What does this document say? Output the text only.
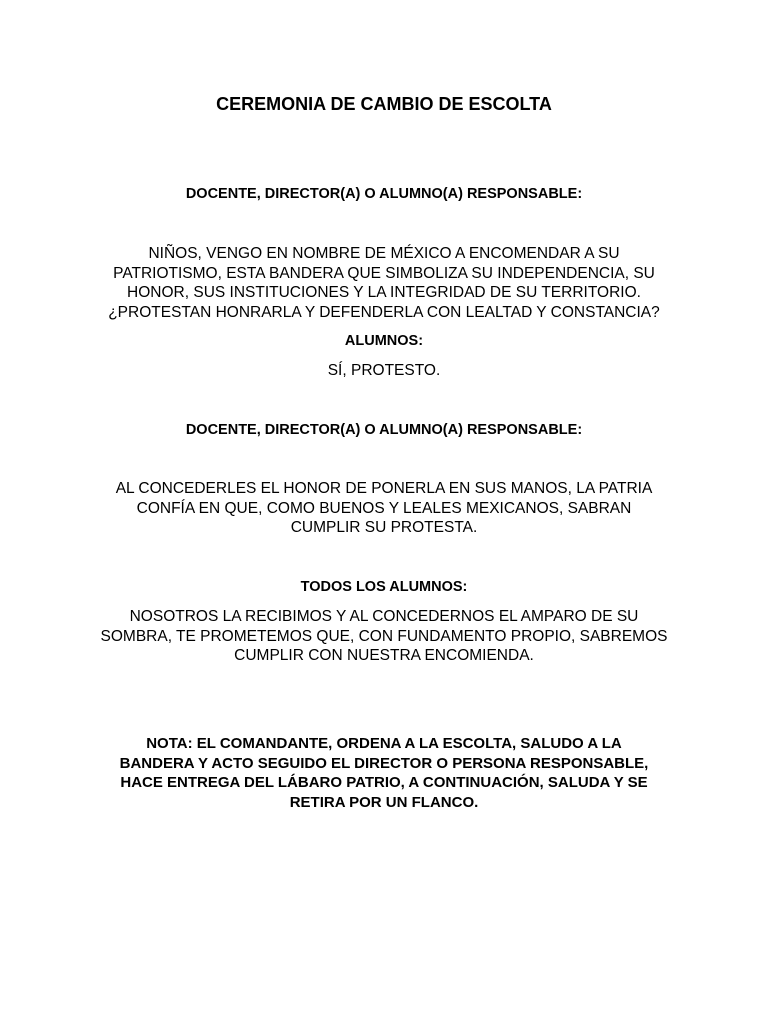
CEREMONIA DE CAMBIO DE ESCOLTA

DOCENTE, DIRECTOR(A) O ALUMNO(A) RESPONSABLE:

NIÑOS, VENGO EN NOMBRE DE MÉXICO A ENCOMENDAR A SU PATRIOTISMO, ESTA BANDERA QUE SIMBOLIZA SU INDEPENDENCIA, SU HONOR, SUS INSTITUCIONES Y LA INTEGRIDAD DE SU TERRITORIO. ¿PROTESTAN HONRARLA Y DEFENDERLA CON LEALTAD Y CONSTANCIA?

ALUMNOS:

SÍ, PROTESTO.

DOCENTE, DIRECTOR(A) O ALUMNO(A) RESPONSABLE:

AL CONCEDERLES EL HONOR DE PONERLA EN SUS MANOS, LA PATRIA CONFÍA EN QUE, COMO BUENOS Y LEALES MEXICANOS, SABRAN CUMPLIR SU PROTESTA.

TODOS LOS ALUMNOS:

NOSOTROS LA RECIBIMOS Y AL CONCEDERNOS EL AMPARO DE SU SOMBRA, TE PROMETEMOS QUE, CON FUNDAMENTO PROPIO, SABREMOS CUMPLIR CON NUESTRA ENCOMIENDA.

NOTA: EL COMANDANTE, ORDENA A LA ESCOLTA, SALUDO A LA BANDERA Y ACTO SEGUIDO EL DIRECTOR O PERSONA RESPONSABLE, HACE ENTREGA DEL LÁBARO PATRIO, A CONTINUACIÓN, SALUDA Y SE RETIRA POR UN FLANCO.
